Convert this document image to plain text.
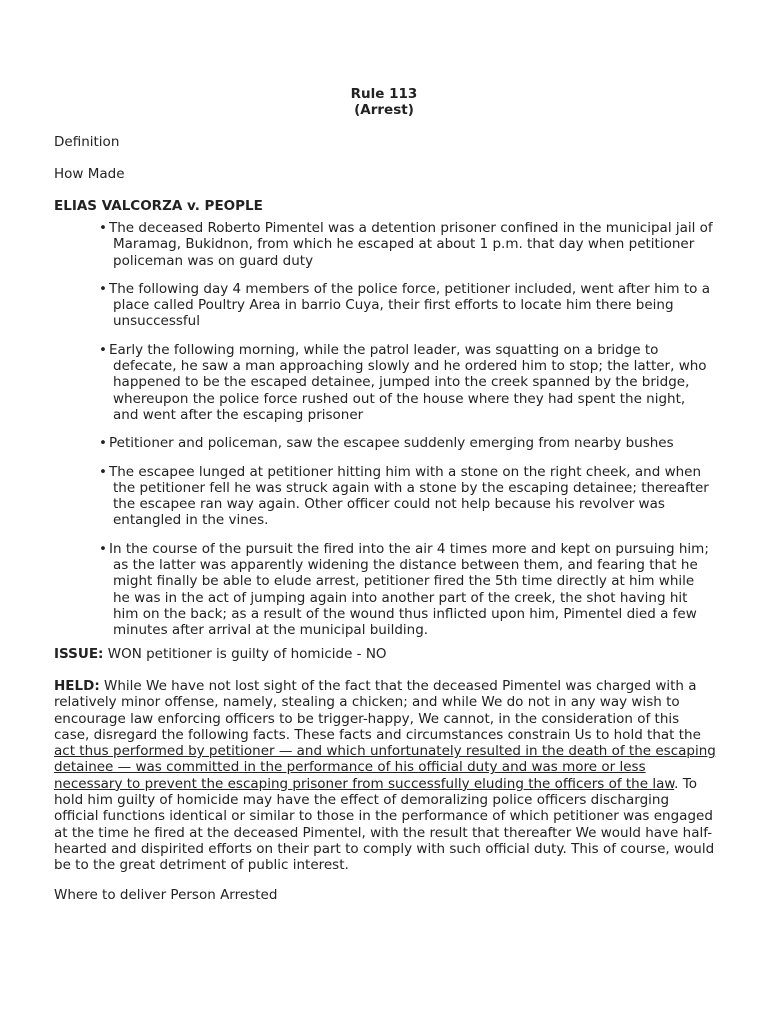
Rule 113
(Arrest)
Definition
How Made
ELIAS VALCORZA v. PEOPLE
• The deceased Roberto Pimentel was a detention prisoner confined in the municipal jail of Maramag, Bukidnon, from which he escaped at about 1 p.m. that day when petitioner policeman was on guard duty
• The following day 4 members of the police force, petitioner included, went after him to a place called Poultry Area in barrio Cuya, their first efforts to locate him there being unsuccessful
• Early the following morning, while the patrol leader, was squatting on a bridge to defecate, he saw a man approaching slowly and he ordered him to stop; the latter, who happened to be the escaped detainee, jumped into the creek spanned by the bridge, whereupon the police force rushed out of the house where they had spent the night, and went after the escaping prisoner
• Petitioner and policeman, saw the escapee suddenly emerging from nearby bushes
• The escapee lunged at petitioner hitting him with a stone on the right cheek, and when the petitioner fell he was struck again with a stone by the escaping detainee; thereafter the escapee ran way again. Other officer could not help because his revolver was entangled in the vines.
• In the course of the pursuit the fired into the air 4 times more and kept on pursuing him; as the latter was apparently widening the distance between them, and fearing that he might finally be able to elude arrest, petitioner fired the 5th time directly at him while he was in the act of jumping again into another part of the creek, the shot having hit him on the back; as a result of the wound thus inflicted upon him, Pimentel died a few minutes after arrival at the municipal building.
ISSUE: WON petitioner is guilty of homicide - NO

HELD: While We have not lost sight of the fact that the deceased Pimentel was charged with a relatively minor offense, namely, stealing a chicken; and while We do not in any way wish to encourage law enforcing officers to be trigger-happy, We cannot, in the consideration of this case, disregard the following facts. These facts and circumstances constrain Us to hold that the act thus performed by petitioner — and which unfortunately resulted in the death of the escaping detainee — was committed in the performance of his official duty and was more or less necessary to prevent the escaping prisoner from successfully eluding the officers of the law. To hold him guilty of homicide may have the effect of demoralizing police officers discharging official functions identical or similar to those in the performance of which petitioner was engaged at the time he fired at the deceased Pimentel, with the result that thereafter We would have half-hearted and dispirited efforts on their part to comply with such official duty. This of course, would be to the great detriment of public interest.

Where to deliver Person Arrested
